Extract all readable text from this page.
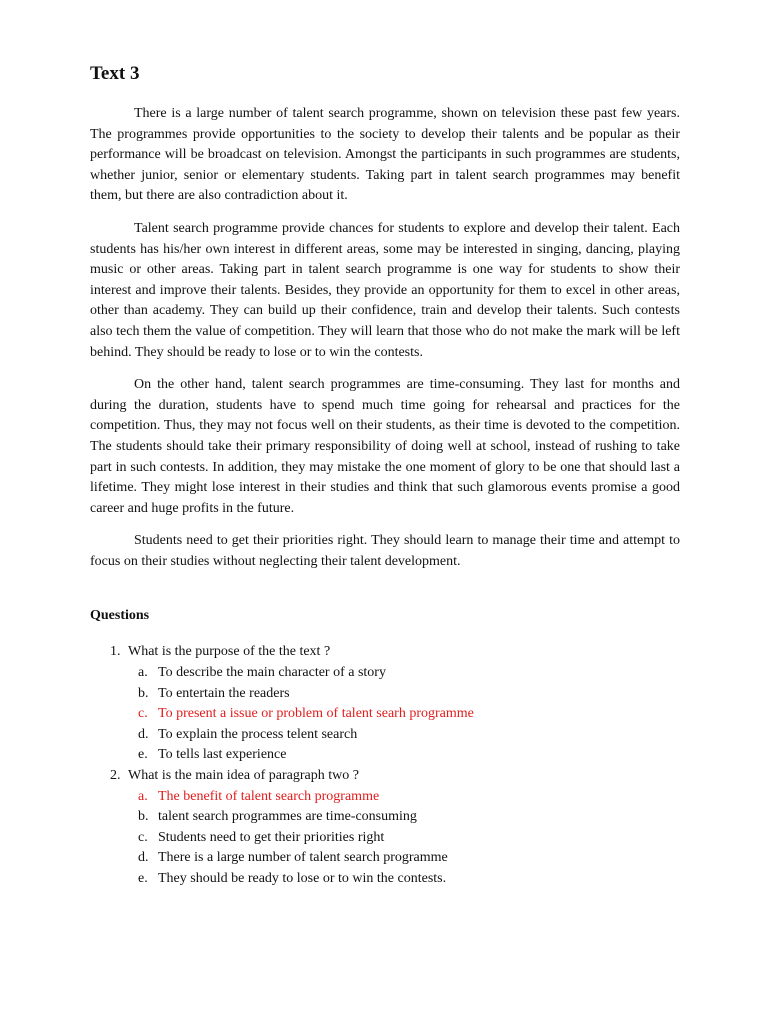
Text 3

There is a large number of talent search programme, shown on television these past few years. The programmes provide opportunities to the society to develop their talents and be popular as their performance will be broadcast on television. Amongst the participants in such programmes are students, whether junior, senior or elementary students. Taking part in talent search programmes may benefit them, but there are also contradiction about it.

Talent search programme provide chances for students to explore and develop their talent. Each students has his/her own interest in different areas, some may be interested in singing, dancing, playing music or other areas. Taking part in talent search programme is one way for students to show their interest and improve their talents. Besides, they provide an opportunity for them to excel in other areas, other than academy. They can build up their confidence, train and develop their talents. Such contests also tech them the value of competition. They will learn that those who do not make the mark will be left behind. They should be ready to lose or to win the contests.

On the other hand, talent search programmes are time-consuming. They last for months and during the duration, students have to spend much time going for rehearsal and practices for the competition. Thus, they may not focus well on their students, as their time is devoted to the competition. The students should take their primary responsibility of doing well at school, instead of rushing to take part in such contests. In addition, they may mistake the one moment of glory to be one that should last a lifetime. They might lose interest in their studies and think that such glamorous events promise a good career and huge profits in the future.

Students need to get their priorities right. They should learn to manage their time and attempt to focus on their studies without neglecting their talent development.

Questions
1. What is the purpose of the the text ?
a. To describe the main character of a story
b. To entertain the readers
c. To present a issue or problem of talent searh programme
d. To explain the process telent search
e. To tells last experience
2. What is the main idea of paragraph two ?
a. The benefit of talent search programme
b. talent search programmes are time-consuming
c. Students need to get their priorities right
d. There is a large number of talent search programme
e. They should be ready to lose or to win the contests.
